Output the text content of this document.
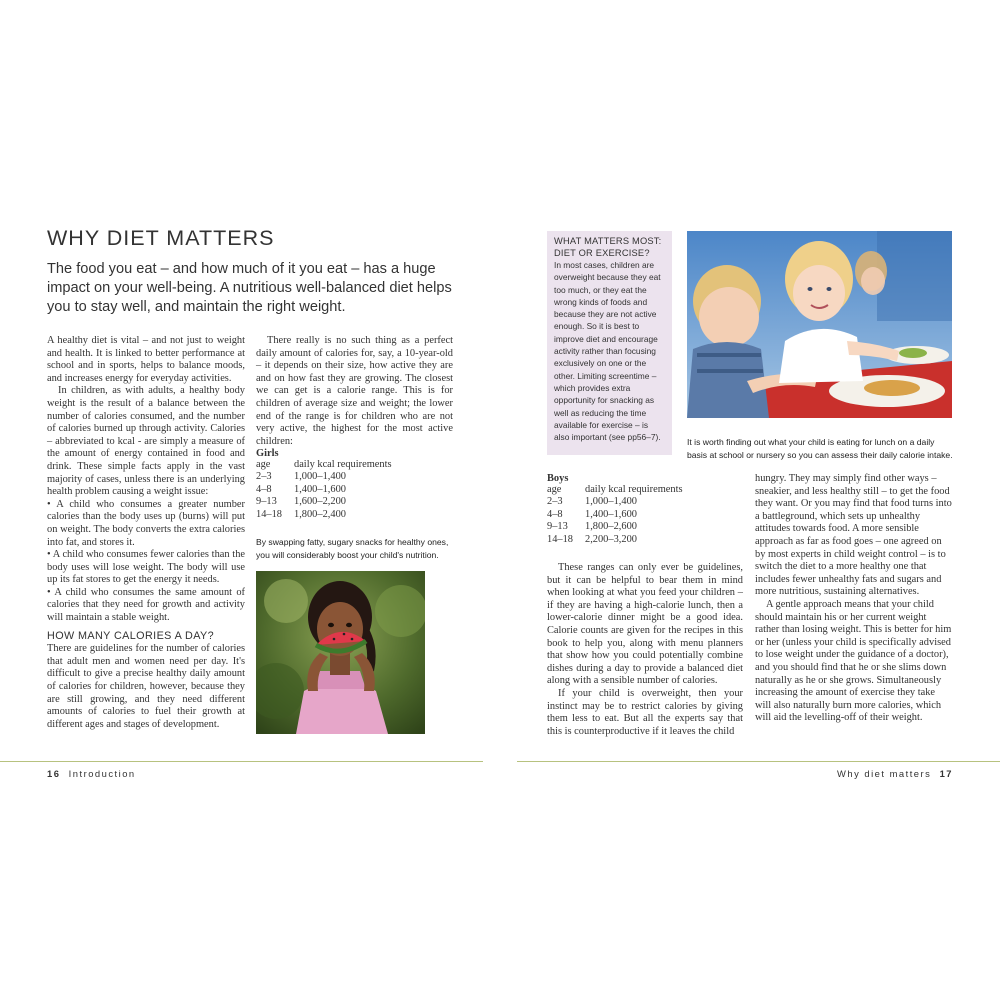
WHY DIET MATTERS
The food you eat – and how much of it you eat – has a huge impact on your well-being. A nutritious well-balanced diet helps you to stay well, and maintain the right weight.

A healthy diet is vital – and not just to weight and health. It is linked to better performance at school and in sports, helps to balance moods, and increases energy for everyday activities.

In children, as with adults, a healthy body weight is the result of a balance between the number of calories consumed, and the number of calories burned up through activity. Calories – abbreviated to kcal - are simply a measure of the amount of energy contained in food and drink. These simple facts apply in the vast majority of cases, unless there is an underlying health problem causing a weight issue:

• A child who consumes a greater number calories than the body uses up (burns) will put on weight. The body converts the extra calories into fat, and stores it.

• A child who consumes fewer calories than the body uses will lose weight. The body will use up its fat stores to get the energy it needs.

• A child who consumes the same amount of calories that they need for growth and activity will maintain a stable weight.

HOW MANY CALORIES A DAY?

There are guidelines for the number of calories that adult men and women need per day. It's difficult to give a precise healthy daily amount of calories for children, however, because they are still growing, and they need different amounts of calories to fuel their growth at different ages and stages of development.

There really is no such thing as a perfect daily amount of calories for, say, a 10-year-old – it depends on their size, how active they are and on how fast they are growing. The closest we can get is a calorie range. This is for children of average size and weight; the lower end of the range is for children who are not very active, the highest for the most active children:

Girls
age	daily kcal requirements
2–3	1,000–1,400
4–8	1,400–1,600
9–13	1,600–2,200
14–18	1,800–2,400
By swapping fatty, sugary snacks for healthy ones, you will considerably boost your child's nutrition.
WHAT MATTERS MOST: DIET OR EXERCISE?
In most cases, children are overweight because they eat too much, or they eat the wrong kinds of foods and because they are not active enough. So it is best to improve diet and encourage activity rather than focusing exclusively on one or the other. Limiting screentime – which provides extra opportunity for snacking as well as reducing the time available for exercise – is also important (see pp56–7).	It is worth finding out what your child is eating for lunch on a daily basis at school or nursery so you can assess their daily calorie intake.
Boys
age	daily kcal requirements
2–3	1,000–1,400
4–8	1,400–1,600
9–13	1,800–2,600
14–18	2,200–3,200

These ranges can only ever be guidelines, but it can be helpful to bear them in mind when looking at what you feed your children – if they are having a high-calorie lunch, then a lower-calorie dinner might be a good idea. Calorie counts are given for the recipes in this book to help you, along with menu planners that show how you could potentially combine dishes during a day to provide a balanced diet along with a sensible number of calories.

If your child is overweight, then your instinct may be to restrict calories by giving them less to eat. But all the experts say that this is counterproductive if it leaves the child

hungry. They may simply find other ways – sneakier, and less healthy still – to get the food they want. Or you may find that food turns into a battleground, which sets up unhealthy attitudes towards food. A more sensible approach as far as food goes – one agreed on by most experts in child weight control – is to switch the diet to a more healthy one that includes fewer unhealthy fats and sugars and more nutritious, sustaining alternatives.

A gentle approach means that your child should maintain his or her current weight rather than losing weight. This is better for him or her (unless your child is specifically advised to lose weight under the guidance of a doctor), and you should find that he or she slims down naturally as he or she grows. Simultaneously increasing the amount of exercise they take will also naturally burn more calories, which will aid the levelling-off of their weight.

16 Introduction	Why diet matters 17
